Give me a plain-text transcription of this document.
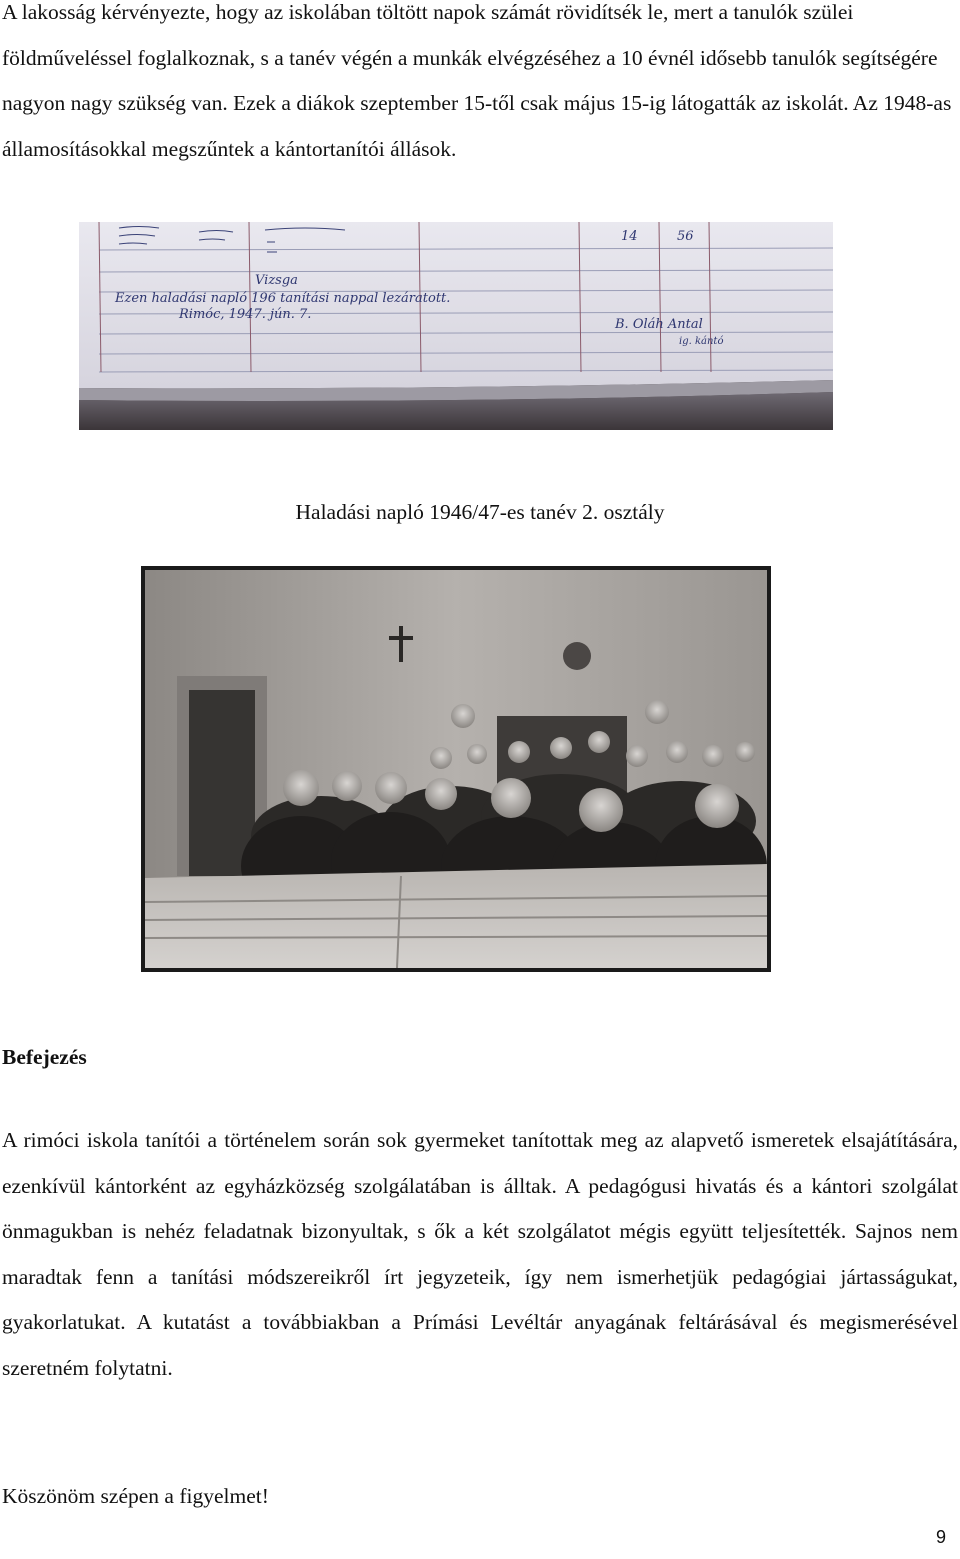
A lakosság kérvényezte, hogy az iskolában töltött napok számát rövidítsék le, mert a tanulók szülei földműveléssel foglalkoznak, s a tanév végén a munkák elvégzéséhez a 10 évnél idősebb tanulók segítségére nagyon nagy szükség van. Ezek a diákok szeptember 15-től csak május 15-ig látogatták az iskolát. Az 1948-as államosításokkal megszűntek a kántortanítói állások.

Vizsga
Ezen haladási napló 196 tanítási nappal lezáratott.
Rimóc, 1947. jún. 7.
B. Oláh Antal
ig. kántó
14	56

Haladási napló 1946/47-es tanév 2. osztály

Befejezés

A rimóci iskola tanítói a történelem során sok gyermeket tanítottak meg az alapvető ismeretek elsajátítására, ezenkívül kántorként az egyházközség szolgálatában is álltak. A pedagógusi hivatás és a kántori szolgálat önmagukban is nehéz feladatnak bizonyultak, s ők a két szolgálatot mégis együtt teljesítették. Sajnos nem maradtak fenn a tanítási módszereikről írt jegyzeteik, így nem ismerhetjük pedagógiai jártasságukat, gyakorlatukat. A kutatást a továbbiakban a Prímási Levéltár anyagának feltárásával és megismerésével szeretném folytatni.

Köszönöm szépen a figyelmet!

9
